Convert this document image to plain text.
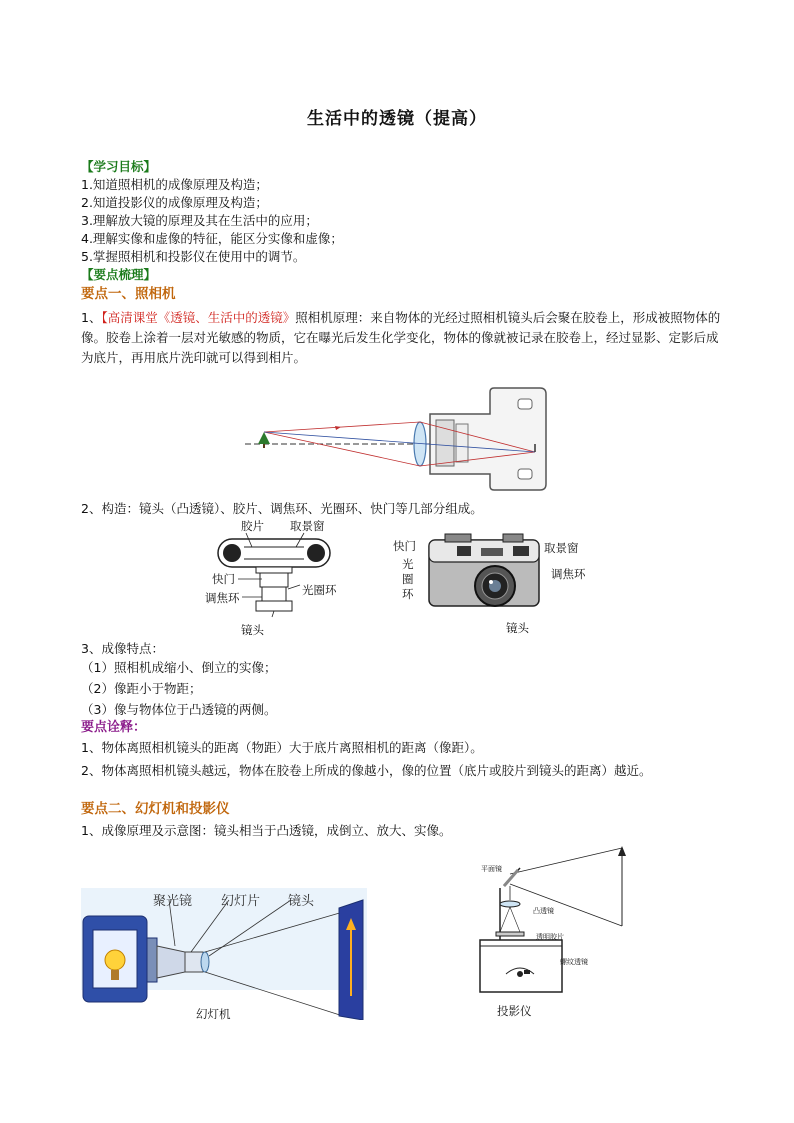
生活中的透镜（提高）
【学习目标】
1.知道照相机的成像原理及构造；
2.知道投影仪的成像原理及构造；
3.理解放大镜的原理及其在生活中的应用；
4.理解实像和虚像的特征，能区分实像和虚像；
5.掌握照相机和投影仪在使用中的调节。
【要点梳理】
要点一、照相机
1、【高清课堂《透镜、生活中的透镜》照相机原理：来自物体的光经过照相机镜头后会聚在胶卷上，形成被照物体的像。胶卷上涂着一层对光敏感的物质，它在曝光后发生化学变化，物体的像就被记录在胶卷上，经过显影、定影后成为底片，再用底片洗印就可以得到相片。
2、构造：镜头（凸透镜）、胶片、调焦环、光圈环、快门等几部分组成。
胶片 取景窗
快门
光圈环
调焦环
镜头
快门	取景窗
光
圈
环
调焦环
镜头
3、成像特点：
（1）照相机成缩小、倒立的实像；
（2）像距小于物距；
（3）像与物体位于凸透镜的两侧。
要点诠释：
1、物体离照相机镜头的距离（物距）大于底片离照相机的距离（像距）。
2、物体离照相机镜头越远，物体在胶卷上所成的像越小，像的位置（底片或胶片到镜头的距离）越近。
要点二、幻灯机和投影仪
1、成像原理及示意图：镜头相当于凸透镜，成倒立、放大、实像。
聚光镜 幻灯片 镜头
幻灯机
平面镜
凸透镜
透明胶片
螺纹透镜
投影仪
